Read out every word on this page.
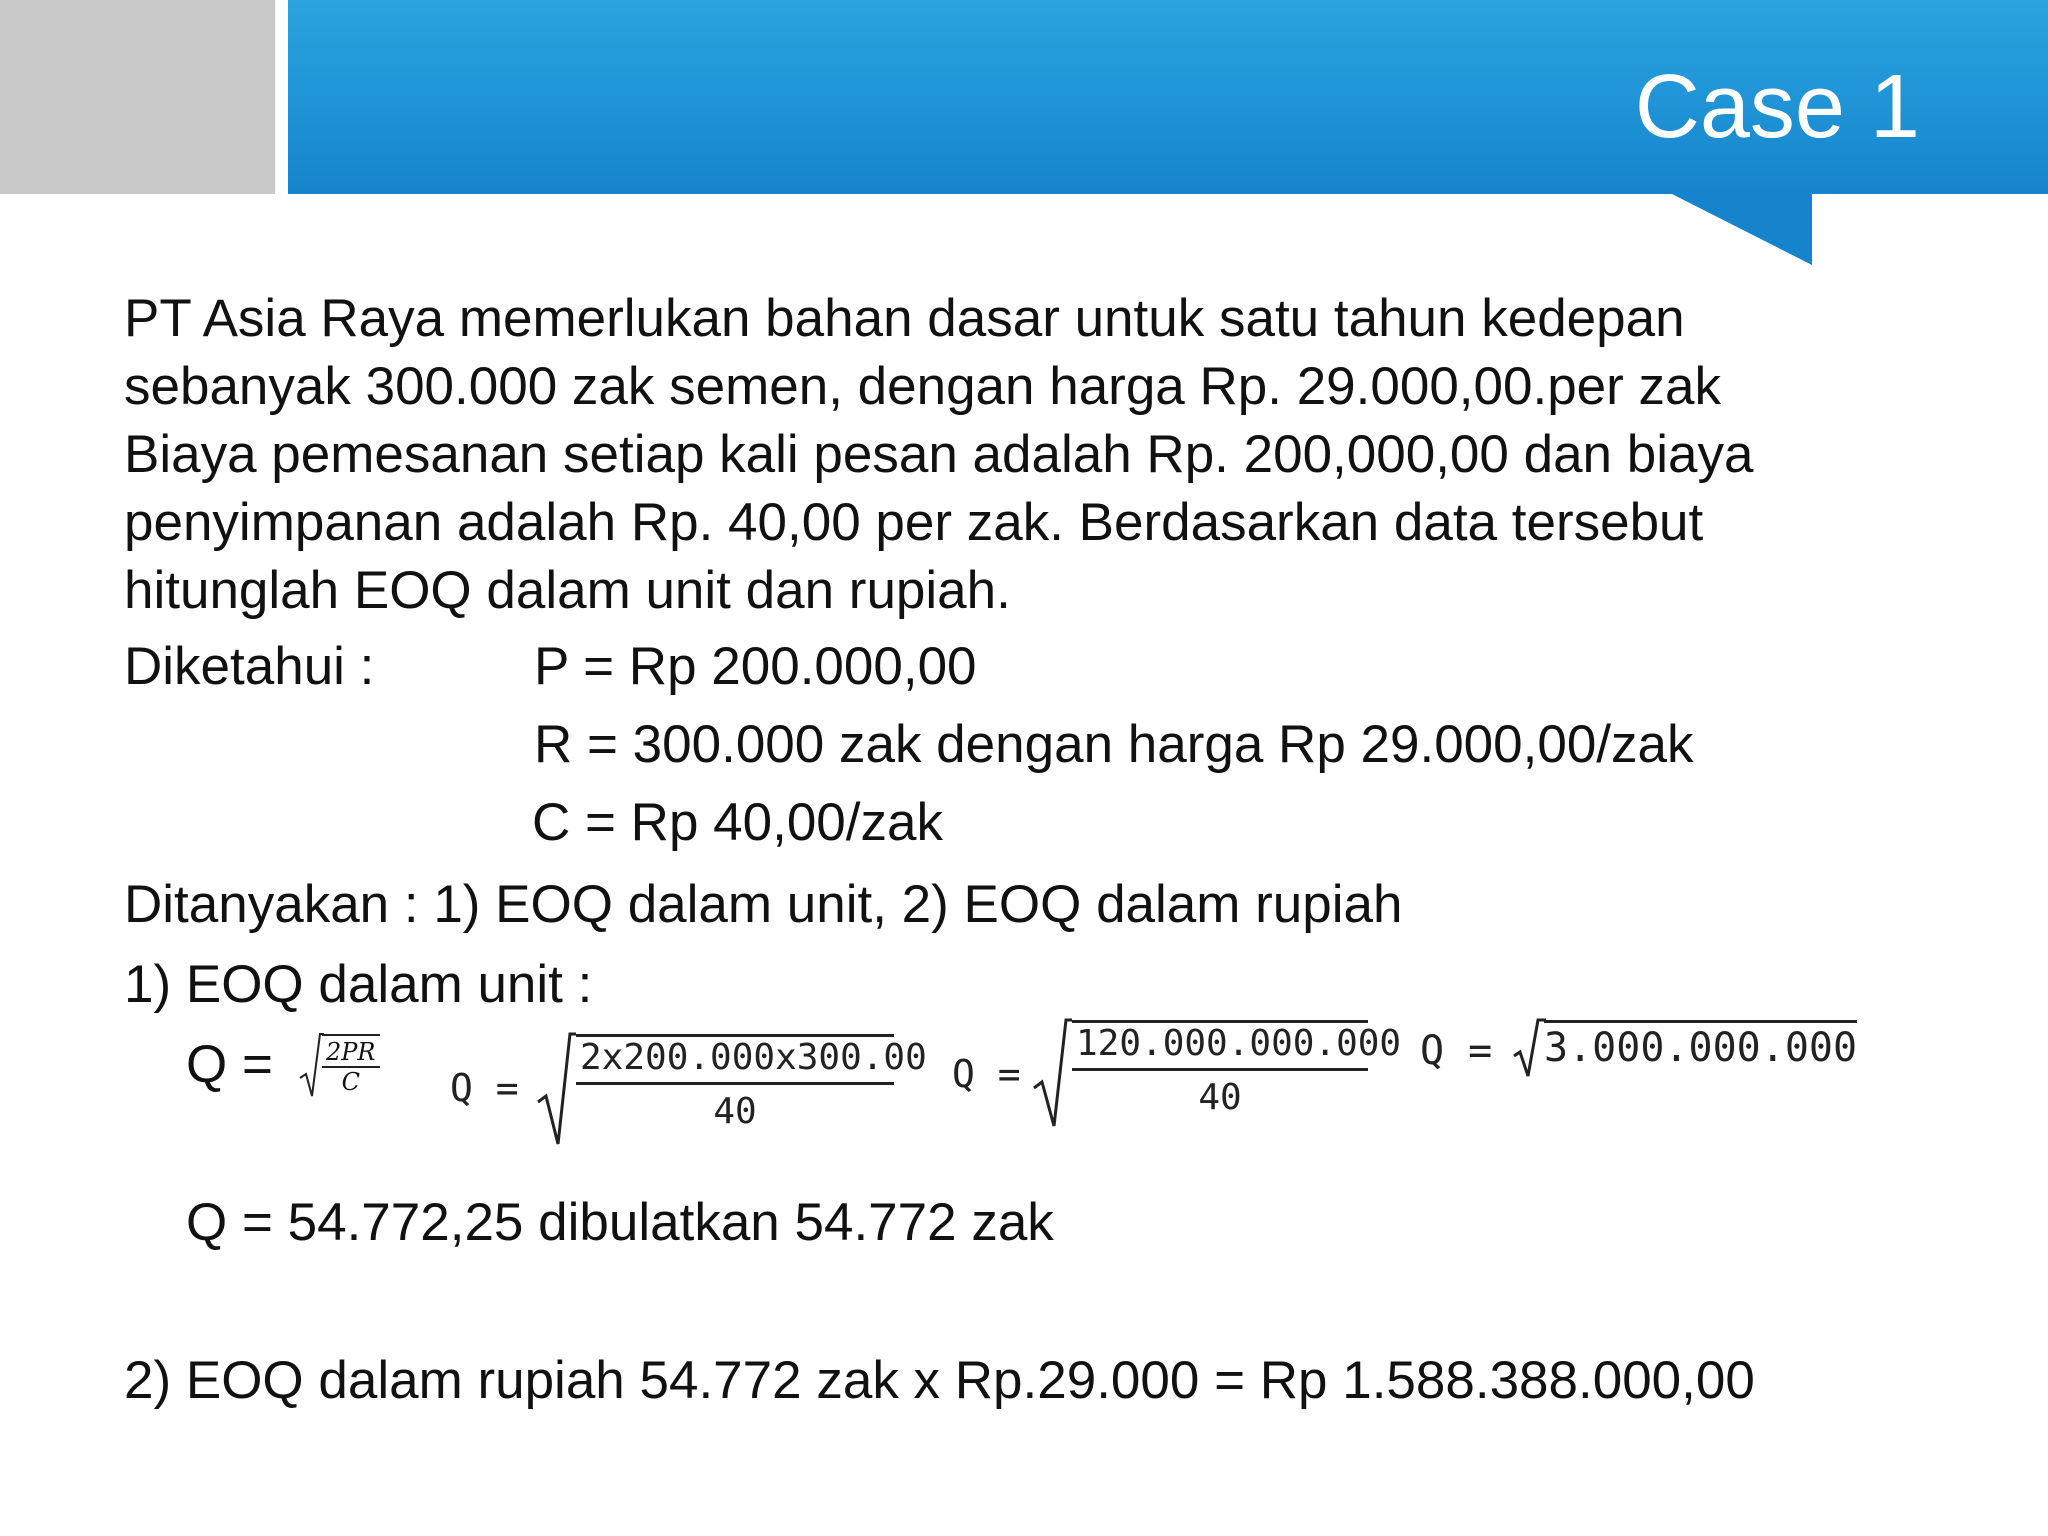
Case 1
PT Asia Raya memerlukan bahan dasar untuk satu tahun kedepan
sebanyak 300.000 zak semen, dengan harga Rp. 29.000,00.per zak
Biaya pemesanan setiap kali pesan adalah Rp. 200,000,00 dan biaya
penyimpanan adalah Rp. 40,00 per zak. Berdasarkan data tersebut
hitunglah EOQ dalam unit dan rupiah.
Diketahui :	P = Rp 200.000,00
R = 300.000 zak dengan harga Rp 29.000,00/zak
C = Rp 40,00/zak
Ditanyakan : 1) EOQ dalam unit, 2) EOQ dalam rupiah
1) EOQ dalam unit :
$Q = \frac{2PR}{C}$ $Q = \frac{2x200.000x300.00}{40}$ $Q = \frac{120.000.000.000}{40}$ Q = 3.000.000.000
Q = 54.772,25 dibulatkan 54.772 zak
2) EOQ dalam rupiah 54.772 zak x Rp.29.000 = Rp 1.588.388.000,00
